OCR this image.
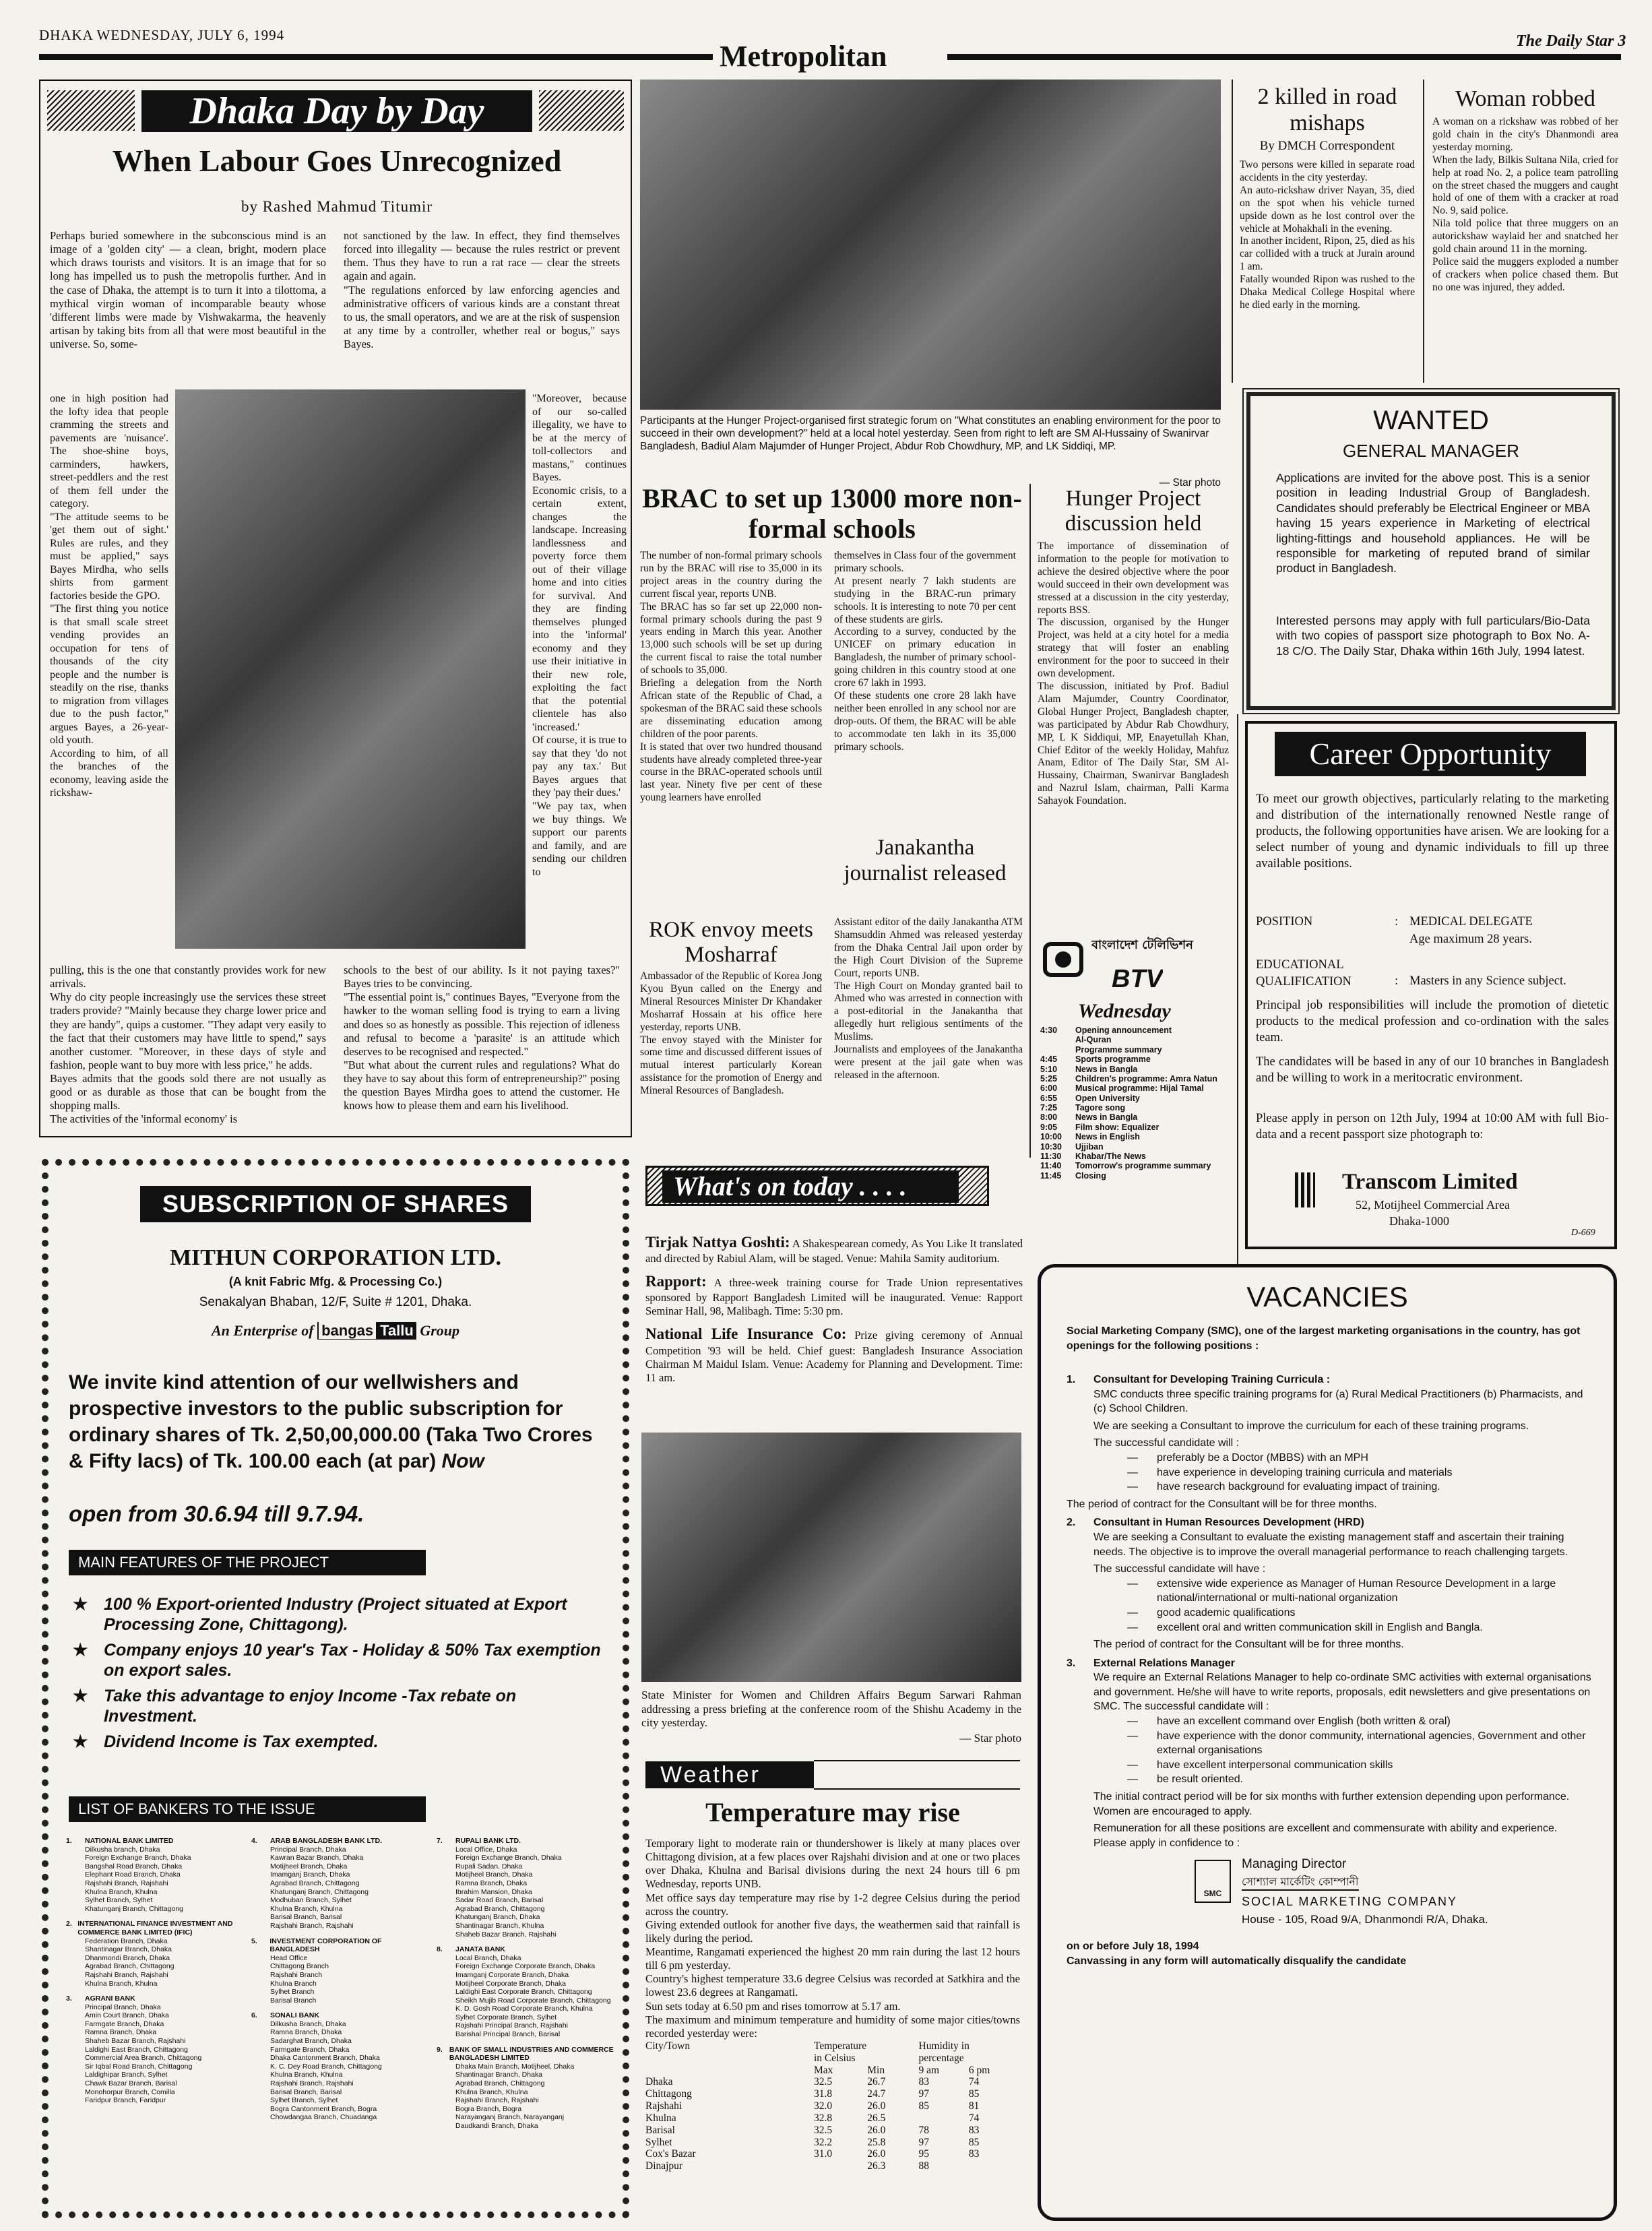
DHAKA WEDNESDAY, JULY 6, 1994
Metropolitan	The Daily Star 3
Dhaka Day by Day
When Labour Goes Unrecognized
by Rashed Mahmud Titumir
Perhaps buried somewhere in the subconscious mind is an image of a 'golden city' — a clean, bright, modern place which draws tourists and visitors. It is an image that for so long has impelled us to push the metropolis further. And in the case of Dhaka, the attempt is to turn it into a tilottoma, a mythical virgin woman of incomparable beauty whose 'different limbs were made by Vishwakarma, the heavenly artisan by taking bits from all that were most beautiful in the universe. So, some-
not sanctioned by the law. In effect, they find themselves forced into illegality — because the rules restrict or prevent them. Thus they have to run a rat race — clear the streets again and again.
"The regulations enforced by law enforcing agencies and administrative officers of various kinds are a constant threat to us, the small operators, and we are at the risk of suspension at any time by a controller, whether real or bogus," says Bayes.
one in high position had the lofty idea that people cramming the streets and pavements are 'nuisance'. The shoe-shine boys, carminders, hawkers, street-peddlers and the rest of them fell under the category.
"The attitude seems to be 'get them out of sight.' Rules are rules, and they must be applied," says Bayes Mirdha, who sells shirts from garment factories beside the GPO.
"The first thing you notice is that small scale street vending provides an occupation for tens of thousands of the city people and the number is steadily on the rise, thanks to migration from villages due to the push factor," argues Bayes, a 26-year-old youth.
According to him, of all the branches of the economy, leaving aside the rickshaw-
"Moreover, because of our so-called illegality, we have to be at the mercy of toll-collectors and mastans," continues Bayes.
Economic crisis, to a certain extent, changes the landscape. Increasing landlessness and poverty force them out of their village home and into cities for survival. And they are finding themselves plunged into the 'informal' economy and they use their initiative in their new role, exploiting the fact that the potential clientele has also 'increased.'
Of course, it is true to say that they 'do not pay any tax.' But Bayes argues that they 'pay their dues.'
"We pay tax, when we buy things. We support our parents and family, and are sending our children to
pulling, this is the one that constantly provides work for new arrivals.
Why do city people increasingly use the services these street traders provide? "Mainly because they charge lower price and they are handy", quips a customer. "They adapt very easily to the fact that their customers may have little to spend," says another customer. "Moreover, in these days of style and fashion, people want to buy more with less price," he adds.
Bayes admits that the goods sold there are not usually as good or as durable as those that can be bought from the shopping malls.
The activities of the 'informal economy' is
schools to the best of our ability. Is it not paying taxes?" Bayes tries to be convincing.
"The essential point is," continues Bayes, "Everyone from the hawker to the woman selling food is trying to earn a living and does so as honestly as possible. This rejection of idleness and refusal to become a 'parasite' is an attitude which deserves to be recognised and respected."
"But what about the current rules and regulations? What do they have to say about this form of entrepreneurship?" posing the question Bayes Mirdha goes to attend the customer. He knows how to please them and earn his livelihood.
Participants at the Hunger Project-organised first strategic forum on "What constitutes an enabling environment for the poor to succeed in their own development?" held at a local hotel yesterday. Seen from right to left are SM Al-Hussainy of Swanirvar Bangladesh, Badiul Alam Majumder of Hunger Project, Abdur Rob Chowdhury, MP, and LK Siddiqi, MP.
— Star photo
2 killed in road mishaps
By DMCH Correspondent
Two persons were killed in separate road accidents in the city yesterday.
An auto-rickshaw driver Nayan, 35, died on the spot when his vehicle turned upside down as he lost control over the vehicle at Mohakhali in the evening.
In another incident, Ripon, 25, died as his car collided with a truck at Jurain around 1 am.
Fatally wounded Ripon was rushed to the Dhaka Medical College Hospital where he died early in the morning.
Woman robbed
A woman on a rickshaw was robbed of her gold chain in the city's Dhanmondi area yesterday morning.
When the lady, Bilkis Sultana Nila, cried for help at road No. 2, a police team patrolling on the street chased the muggers and caught hold of one of them with a cracker at road No. 9, said police.
Nila told police that three muggers on an autorickshaw waylaid her and snatched her gold chain around 11 in the morning.
Police said the muggers exploded a number of crackers when police chased them. But no one was injured, they added.
WANTED
GENERAL MANAGER
Applications are invited for the above post. This is a senior position in leading Industrial Group of Bangladesh. Candidates should preferably be Electrical Engineer or MBA having 15 years experience in Marketing of electrical lighting-fittings and household appliances. He will be responsible for marketing of reputed brand of similar product in Bangladesh.
Interested persons may apply with full particulars/Bio-Data with two copies of passport size photograph to Box No. A-18 C/O. The Daily Star, Dhaka within 16th July, 1994 latest.
BRAC to set up 13000 more non-formal schools
The number of non-formal primary schools run by the BRAC will rise to 35,000 in its project areas in the country during the current fiscal year, reports UNB.
The BRAC has so far set up 22,000 non-formal primary schools during the past 9 years ending in March this year. Another 13,000 such schools will be set up during the current fiscal to raise the total number of schools to 35,000.
Briefing a delegation from the North African state of the Republic of Chad, a spokesman of the BRAC said these schools are disseminating education among children of the poor parents.
It is stated that over two hundred thousand students have already completed three-year course in the BRAC-operated schools until last year. Ninety five per cent of these young learners have enrolled
themselves in Class four of the government primary schools.
At present nearly 7 lakh students are studying in the BRAC-run primary schools. It is interesting to note 70 per cent of these students are girls.
According to a survey, conducted by the UNICEF on primary education in Bangladesh, the number of primary school-going children in this country stood at one crore 67 lakh in 1993.
Of these students one crore 28 lakh have neither been enrolled in any school nor are drop-outs. Of them, the BRAC will be able to accommodate ten lakh in its 35,000 primary schools.
Hunger Project discussion held
The importance of dissemination of information to the people for motivation to achieve the desired objective where the poor would succeed in their own development was stressed at a discussion in the city yesterday, reports BSS.
The discussion, organised by the Hunger Project, was held at a city hotel for a media strategy that will foster an enabling environment for the poor to succeed in their own development.
The discussion, initiated by Prof. Badiul Alam Majumder, Country Coordinator, Global Hunger Project, Bangladesh chapter, was participated by Abdur Rab Chowdhury, MP, L K Siddiqui, MP, Enayetullah Khan, Chief Editor of the weekly Holiday, Mahfuz Anam, Editor of The Daily Star, SM Al-Hussainy, Chairman, Swanirvar Bangladesh and Nazrul Islam, chairman, Palli Karma Sahayok Foundation.
ROK envoy meets Mosharraf
Ambassador of the Republic of Korea Jong Kyou Byun called on the Energy and Mineral Resources Minister Dr Khandaker Mosharraf Hossain at his office here yesterday, reports UNB.
The envoy stayed with the Minister for some time and discussed different issues of mutual interest particularly Korean assistance for the promotion of Energy and Mineral Resources of Bangladesh.
Janakantha journalist released
Assistant editor of the daily Janakantha ATM Shamsuddin Ahmed was released yesterday from the Dhaka Central Jail upon order by the High Court Division of the Supreme Court, reports UNB.
The High Court on Monday granted bail to Ahmed who was arrested in connection with a post-editorial in the Janakantha that allegedly hurt religious sentiments of the Muslims.
Journalists and employees of the Janakantha were present at the jail gate when was released in the afternoon.
বাংলাদেশ টেলিভিশন
BTV
Wednesday
4:30	Opening announcement
Al-Quran
Programme summary
4:45	Sports programme
5:10	News in Bangla
5:25	Children's programme: Amra Natun
6:00	Musical programme: Hijal Tamal
6:55	Open University
7:25	Tagore song
8:00	News in Bangla
9:05	Film show: Equalizer
10:00	News in English
10:30	Ujjiban
11:30	Khabar/The News
11:40	Tomorrow's programme summary
11:45	Closing
Career Opportunity
To meet our growth objectives, particularly relating to the marketing and distribution of the internationally renowned Nestle range of products, the following opportunities have arisen. We are looking for a select number of young and dynamic individuals to fill up three available positions.
POSITION	: MEDICAL DELEGATE
Age maximum 28 years.
EDUCATIONAL QUALIFICATION	: Masters in any Science subject.
Principal job responsibilities will include the promotion of dietetic products to the medical profession and co-ordination with the sales team.
The candidates will be based in any of our 10 branches in Bangladesh and be willing to work in a meritocratic environment.
Please apply in person on 12th July, 1994 at 10:00 AM with full Bio-data and a recent passport size photograph to:
Transcom Limited
52, Motijheel Commercial Area
Dhaka-1000
D-669
SUBSCRIPTION OF SHARES
MITHUN CORPORATION LTD.
(A knit Fabric Mfg. & Processing Co.)
Senakalyan Bhaban, 12/F, Suite # 1201, Dhaka.
An Enterprise of bangas Tallu Group
We invite kind attention of our wellwishers and prospective investors to the public subscription for ordinary shares of Tk. 2,50,00,000.00 (Taka Two Crores & Fifty lacs) of Tk. 100.00 each (at par) Now
open from 30.6.94 till 9.7.94.
MAIN FEATURES OF THE PROJECT
★ 100 % Export-oriented Industry (Project situated at Export Processing Zone, Chittagong).
★ Company enjoys 10 year's Tax - Holiday & 50% Tax exemption on export sales.
★ Take this advantage to enjoy Income -Tax rebate on Investment.
★ Dividend Income is Tax exempted.
LIST OF BANKERS TO THE ISSUE
1.	NATIONAL BANK LIMITED
Dilkusha branch, Dhaka
Foreign Exchange Branch, Dhaka
Bangshal Road Branch, Dhaka
Elephant Road Branch, Dhaka
Rajshahi Branch, Rajshahi
Khulna Branch, Khulna
Sylhet Branch, Sylhet
Khatunganj Branch, Chittagong
2. INTERNATIONAL FINANCE INVESTMENT AND COMMERCE BANK LIMITED (IFIC)
Federation Branch, Dhaka
Shantinagar Branch, Dhaka
Dhanmondi Branch, Dhaka
Agrabad Branch, Chittagong
Rajshahi Branch, Rajshahi
Khulna Branch, Khulna
3.	AGRANI BANK
Principal Branch, Dhaka
Amin Court Branch, Dhaka
Farmgate Branch, Dhaka
Ramna Branch, Dhaka
Shaheb Bazar Branch, Rajshahi
Laldighi East Branch, Chittagong
Commercial Area Branch, Chittagong
Sir Iqbal Road Branch, Chittagong
Laldighipar Branch, Sylhet
Chawk Bazar Branch, Barisal
Monohorpur Branch, Comilla
Faridpur Branch, Faridpur
4.	ARAB BANGLADESH BANK LTD.
Principal Branch, Dhaka
Kawran Bazar Branch, Dhaka
Motijheel Branch, Dhaka
Imamganj Branch, Dhaka
Agrabad Branch, Chittagong
Khatunganj Branch, Chittagong
Modhuban Branch, Sylhet
Khulna Branch, Khulna
Barisal Branch, Barisal
Rajshahi Branch, Rajshahi
5.	INVESTMENT CORPORATION OF BANGLADESH
Head Office
Chittagong Branch
Rajshahi Branch
Khulna Branch
Sylhet Branch
Barisal Branch
6.	SONALI BANK
Dilkusha Branch, Dhaka
Ramna Branch, Dhaka
Sadarghat Branch, Dhaka
Farmgate Branch, Dhaka
Dhaka Cantonment Branch, Dhaka
K. C. Dey Road Branch, Chittagong
Khulna Branch, Khulna
Rajshahi Branch, Rajshahi
Barisal Branch, Barisal
Sylhet Branch, Sylhet
Bogra Cantonment Branch, Bogra
Chowdangaa Branch, Chuadanga
7.	RUPALI BANK LTD.
Local Office, Dhaka
Foreign Exchange Branch, Dhaka
Rupali Sadan, Dhaka
Motijheel Branch, Dhaka
Ramna Branch, Dhaka
Ibrahim Mansion, Dhaka
Sadar Road Branch, Barisal
Agrabad Branch, Chittagong
Khatunganj Branch, Dhaka
Shantinagar Branch, Khulna
Shaheb Bazar Branch, Rajshahi
8.	JANATA BANK
Local Branch, Dhaka
Foreign Exchange Corporate Branch, Dhaka
Imamganj Corporate Branch, Dhaka
Motijheel Corporate Branch, Dhaka
Laldighi East Corporate Branch, Chittagong
Sheikh Mujib Road Corporate Branch, Chittagong
K. D. Gosh Road Corporate Branch, Khulna
Sylhet Corporate Branch, Sylhet
Rajshahi Principal Branch, Rajshahi
Barishal Principal Branch, Barisal
9. BANK OF SMALL INDUSTRIES AND COMMERCE BANGLADESH LIMITED
Dhaka Main Branch, Motijheel, Dhaka
Shantinagar Branch, Dhaka
Agrabad Branch, Chittagong
Khulna Branch, Khulna
Rajshahi Branch, Rajshahi
Bogra Branch, Bogra
Narayanganj Branch, Narayanganj
Daudkandi Branch, Dhaka
What's on today . . . .
Tirjak Nattya Goshti: A Shakespearean comedy, As You Like It translated and directed by Rabiul Alam, will be staged. Venue: Mahila Samity auditorium.
Rapport: A three-week training course for Trade Union representatives sponsored by Rapport Bangladesh Limited will be inaugurated. Venue: Rapport Seminar Hall, 98, Malibagh. Time: 5:30 pm.
National Life Insurance Co: Prize giving ceremony of Annual Competition '93 will be held. Chief guest: Bangladesh Insurance Association Chairman M Maidul Islam. Venue: Academy for Planning and Development. Time: 11 am.
State Minister for Women and Children Affairs Begum Sarwari Rahman addressing a press briefing at the conference room of the Shishu Academy in the city yesterday.
— Star photo
Weather
Temperature may rise
Temporary light to moderate rain or thundershower is likely at many places over Chittagong division, at a few places over Rajshahi division and at one or two places over Dhaka, Khulna and Barisal divisions during the next 24 hours till 6 pm Wednesday, reports UNB.
Met office says day temperature may rise by 1-2 degree Celsius during the period across the country.
Giving extended outlook for another five days, the weathermen said that rainfall is likely during the period.
Meantime, Rangamati experienced the highest 20 mm rain during the last 12 hours till 6 pm yesterday.
Country's highest temperature 33.6 degree Celsius was recorded at Satkhira and the lowest 23.6 degrees at Rangamati.
Sun sets today at 6.50 pm and rises tomorrow at 5.17 am.
The maximum and minimum temperature and humidity of some major cities/towns recorded yesterday were:
City/Town	Temperature		Humidity in	
	in Celsius		percentage	
	Max	Min	9 am	6 pm
Dhaka	32.5	26.7	83	74
Chittagong	31.8	24.7	97	85
Rajshahi	32.0	26.0	85	81
Khulna	32.8	26.5		74
Barisal	32.5	26.0	78	83
Sylhet	32.2	25.8	97	85
Cox's Bazar	31.0	26.0	95	83
Dinajpur		26.3	88	
VACANCIES
Social Marketing Company (SMC), one of the largest marketing organisations in the country, has got openings for the following positions :
1.	Consultant for Developing Training Curricula :
SMC conducts three specific training programs for (a) Rural Medical Practitioners (b) Pharmacists, and (c) School Children.
We are seeking a Consultant to improve the curriculum for each of these training programs.
The successful candidate will :
—	preferably be a Doctor (MBBS) with an MPH
—	have experience in developing training curricula and materials
—	have research background for evaluating impact of training.
The period of contract for the Consultant will be for three months.
2.	Consultant in Human Resources Development (HRD)
We are seeking a Consultant to evaluate the existing management staff and ascertain their training needs. The objective is to improve the overall managerial performance to reach challenging targets.
The successful candidate will have :
—	extensive wide experience as Manager of Human Resource Development in a large national/international or multi-national organization
—	good academic qualifications
—	excellent oral and written communication skill in English and Bangla.
The period of contract for the Consultant will be for three months.
3.	External Relations Manager
We require an External Relations Manager to help co-ordinate SMC activities with external organisations and government. He/she will have to write reports, proposals, edit newsletters and give presentations on SMC. The successful candidate will :
—	have an excellent command over English (both written & oral)
—	have experience with the donor community, international agencies, Government and other external organisations
—	have excellent interpersonal communication skills
—	be result oriented.
The initial contract period will be for six months with further extension depending upon performance. Women are encouraged to apply.
Remuneration for all these positions are excellent and commensurate with ability and experience. Please apply in confidence to :
SMC
Managing Director
সোশ্যাল মার্কেটিং কোম্পানী
SOCIAL MARKETING COMPANY
House - 105, Road 9/A, Dhanmondi R/A, Dhaka.
on or before July 18, 1994
Canvassing in any form will automatically disqualify the candidate
